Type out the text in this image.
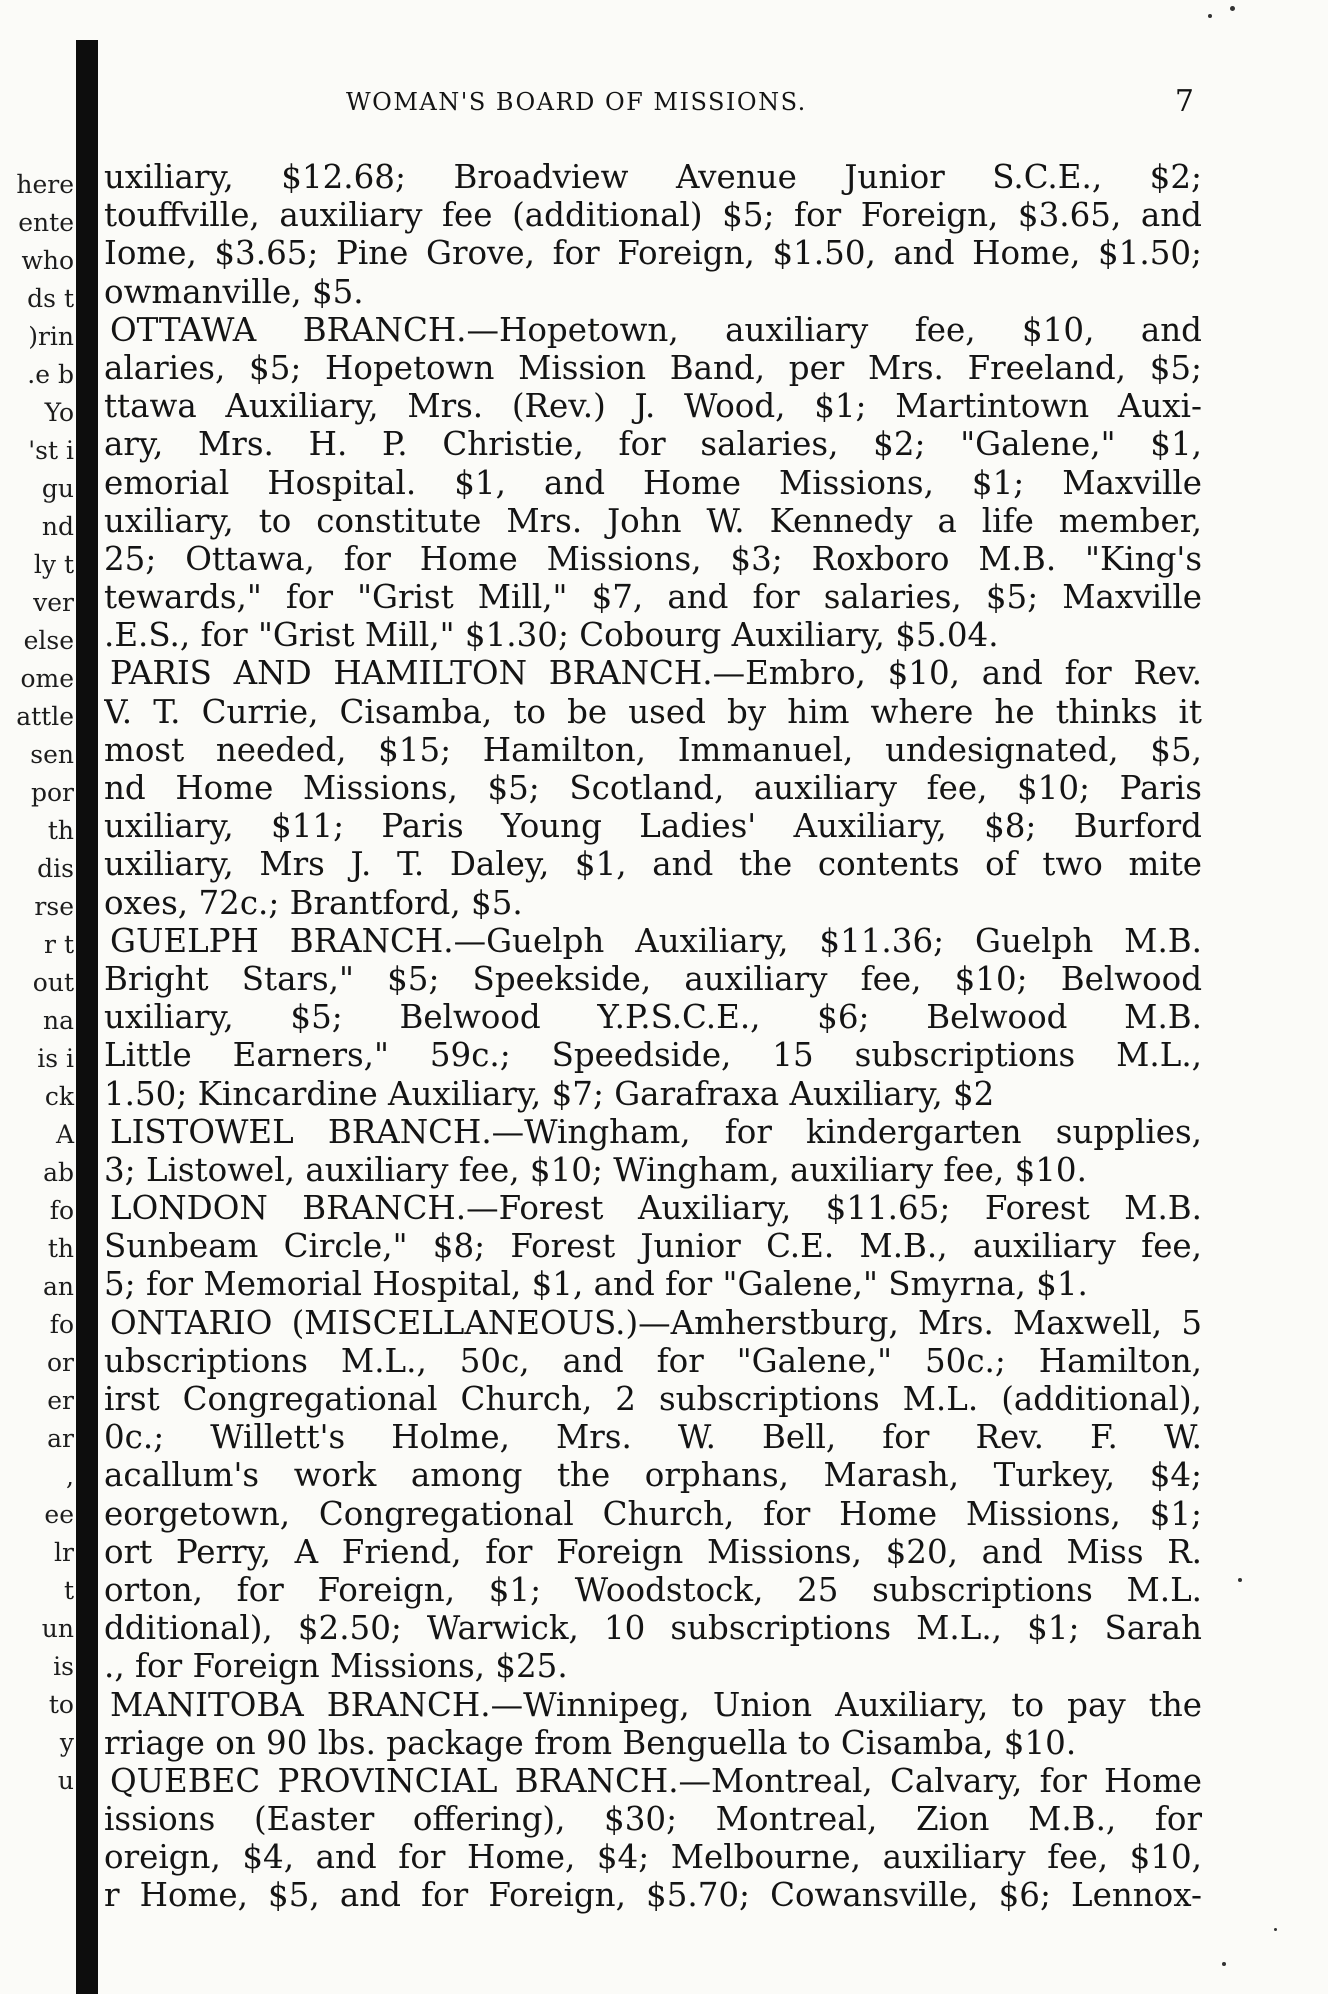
here
ente
who
ds t
)rin
.e b
Yo
'st i
gu
nd
ly t
ver
else
ome
attle
sen
por
th
dis
rse
r t
out
na
is i
ck
A
ab
fo
th
an
fo
or
er
ar
,
ee
lr
t
un
is
to
y
u
WOMAN'S BOARD OF MISSIONS.	7
uxiliary, $12.68; Broadview Avenue Junior S.C.E., $2;
touffville, auxiliary fee (additional) $5; for Foreign, $3.65, and
Iome, $3.65; Pine Grove, for Foreign, $1.50, and Home, $1.50;
owmanville, $5.
OTTAWA BRANCH.—Hopetown, auxiliary fee, $10, and
alaries, $5; Hopetown Mission Band, per Mrs. Freeland, $5;
ttawa Auxiliary, Mrs. (Rev.) J. Wood, $1; Martintown Auxi-
ary, Mrs. H. P. Christie, for salaries, $2; "Galene," $1,
emorial Hospital. $1, and Home Missions, $1; Maxville
uxiliary, to constitute Mrs. John W. Kennedy a life member,
25; Ottawa, for Home Missions, $3; Roxboro M.B. "King's
tewards," for "Grist Mill," $7, and for salaries, $5; Maxville
.E.S., for "Grist Mill," $1.30; Cobourg Auxiliary, $5.04.
PARIS AND HAMILTON BRANCH.—Embro, $10, and for Rev.
V. T. Currie, Cisamba, to be used by him where he thinks it
most needed, $15; Hamilton, Immanuel, undesignated, $5,
nd Home Missions, $5; Scotland, auxiliary fee, $10; Paris
uxiliary, $11; Paris Young Ladies' Auxiliary, $8; Burford
uxiliary, Mrs J. T. Daley, $1, and the contents of two mite
oxes, 72c.; Brantford, $5.
GUELPH BRANCH.—Guelph Auxiliary, $11.36; Guelph M.B.
Bright Stars," $5; Speekside, auxiliary fee, $10; Belwood
uxiliary, $5; Belwood Y.P.S.C.E., $6; Belwood M.B.
Little Earners," 59c.; Speedside, 15 subscriptions M.L.,
1.50; Kincardine Auxiliary, $7; Garafraxa Auxiliary, $2
LISTOWEL BRANCH.—Wingham, for kindergarten supplies,
3; Listowel, auxiliary fee, $10; Wingham, auxiliary fee, $10.
LONDON BRANCH.—Forest Auxiliary, $11.65; Forest M.B.
Sunbeam Circle," $8; Forest Junior C.E. M.B., auxiliary fee,
5; for Memorial Hospital, $1, and for "Galene," Smyrna, $1.
ONTARIO (MISCELLANEOUS.)—Amherstburg, Mrs. Maxwell, 5
ubscriptions M.L., 50c, and for "Galene," 50c.; Hamilton,
irst Congregational Church, 2 subscriptions M.L. (additional),
0c.; Willett's Holme, Mrs. W. Bell, for Rev. F. W.
acallum's work among the orphans, Marash, Turkey, $4;
eorgetown, Congregational Church, for Home Missions, $1;
ort Perry, A Friend, for Foreign Missions, $20, and Miss R.
orton, for Foreign, $1; Woodstock, 25 subscriptions M.L.
dditional), $2.50; Warwick, 10 subscriptions M.L., $1; Sarah
., for Foreign Missions, $25.
MANITOBA BRANCH.—Winnipeg, Union Auxiliary, to pay the
rriage on 90 lbs. package from Benguella to Cisamba, $10.
QUEBEC PROVINCIAL BRANCH.—Montreal, Calvary, for Home
issions (Easter offering), $30; Montreal, Zion M.B., for
oreign, $4, and for Home, $4; Melbourne, auxiliary fee, $10,
r Home, $5, and for Foreign, $5.70; Cowansville, $6; Lennox-
